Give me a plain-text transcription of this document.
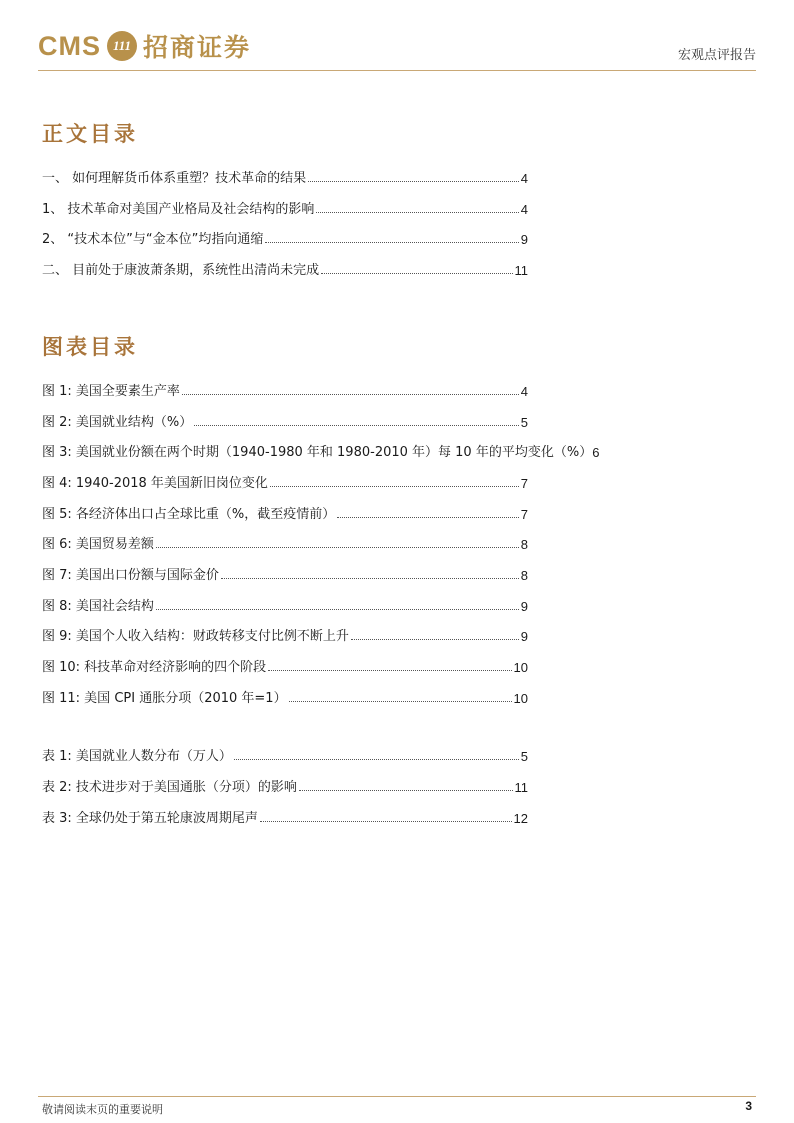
CMS 111 招商证券	宏观点评报告
正文目录
一、 如何理解货币体系重塑？技术革命的结果	4
1、 技术革命对美国产业格局及社会结构的影响	4
2、 “技术本位”与“金本位”均指向通缩	9
二、 目前处于康波萧条期，系统性出清尚未完成	11
图表目录
图 1: 美国全要素生产率	4
图 2: 美国就业结构（%）	5
图 3: 美国就业份额在两个时期（1940-1980 年和 1980-2010 年）每 10 年的平均变化（%） 6
图 4: 1940-2018 年美国新旧岗位变化	7
图 5: 各经济体出口占全球比重（%，截至疫情前）	7
图 6: 美国贸易差额	8
图 7: 美国出口份额与国际金价	8
图 8: 美国社会结构	9
图 9: 美国个人收入结构：财政转移支付比例不断上升	9
图 10: 科技革命对经济影响的四个阶段	10
图 11: 美国 CPI 通胀分项（2010 年=1）	10
表 1: 美国就业人数分布（万人）	5
表 2: 技术进步对于美国通胀（分项）的影响	11
表 3: 全球仍处于第五轮康波周期尾声	12
敬请阅读末页的重要说明	3
